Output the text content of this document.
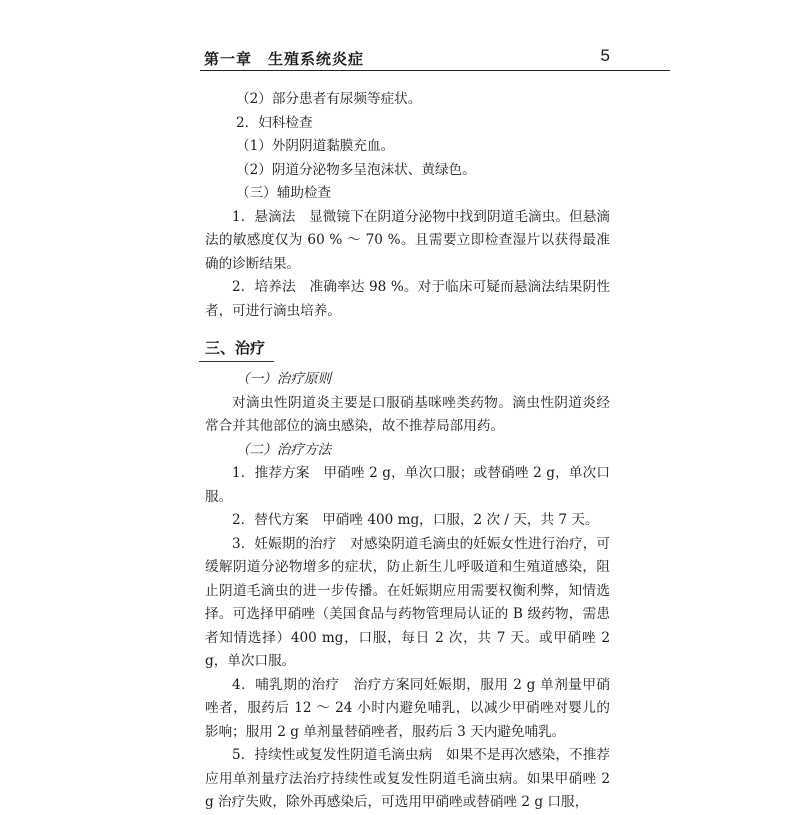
第一章　生殖系统炎症	5

（2）部分患者有尿频等症状。

2．妇科检查

（1）外阴阴道黏膜充血。

（2）阴道分泌物多呈泡沫状、黄绿色。

（三）辅助检查

1．悬滴法　显微镜下在阴道分泌物中找到阴道毛滴虫。但悬滴法的敏感度仅为 60 % ～ 70 %。且需要立即检查湿片以获得最准确的诊断结果。

2．培养法　准确率达 98 %。对于临床可疑而悬滴法结果阴性者，可进行滴虫培养。

三、治疗

（一）治疗原则

对滴虫性阴道炎主要是口服硝基咪唑类药物。滴虫性阴道炎经常合并其他部位的滴虫感染，故不推荐局部用药。

（二）治疗方法

1．推荐方案　甲硝唑 2 g，单次口服；或替硝唑 2 g，单次口服。

2．替代方案　甲硝唑 400 mg，口服，2 次 / 天，共 7 天。

3．妊娠期的治疗　对感染阴道毛滴虫的妊娠女性进行治疗，可缓解阴道分泌物增多的症状，防止新生儿呼吸道和生殖道感染，阻止阴道毛滴虫的进一步传播。在妊娠期应用需要权衡利弊，知情选择。可选择甲硝唑（美国食品与药物管理局认证的 B 级药物，需患者知情选择）400 mg，口服，每日 2 次，共 7 天。或甲硝唑 2 g，单次口服。

4．哺乳期的治疗　治疗方案同妊娠期，服用 2 g 单剂量甲硝唑者，服药后 12 ～ 24 小时内避免哺乳，以减少甲硝唑对婴儿的影响；服用 2 g 单剂量替硝唑者，服药后 3 天内避免哺乳。

5．持续性或复发性阴道毛滴虫病　如果不是再次感染，不推荐应用单剂量疗法治疗持续性或复发性阴道毛滴虫病。如果甲硝唑 2 g 治疗失败，除外再感染后，可选用甲硝唑或替硝唑 2 g 口服，
